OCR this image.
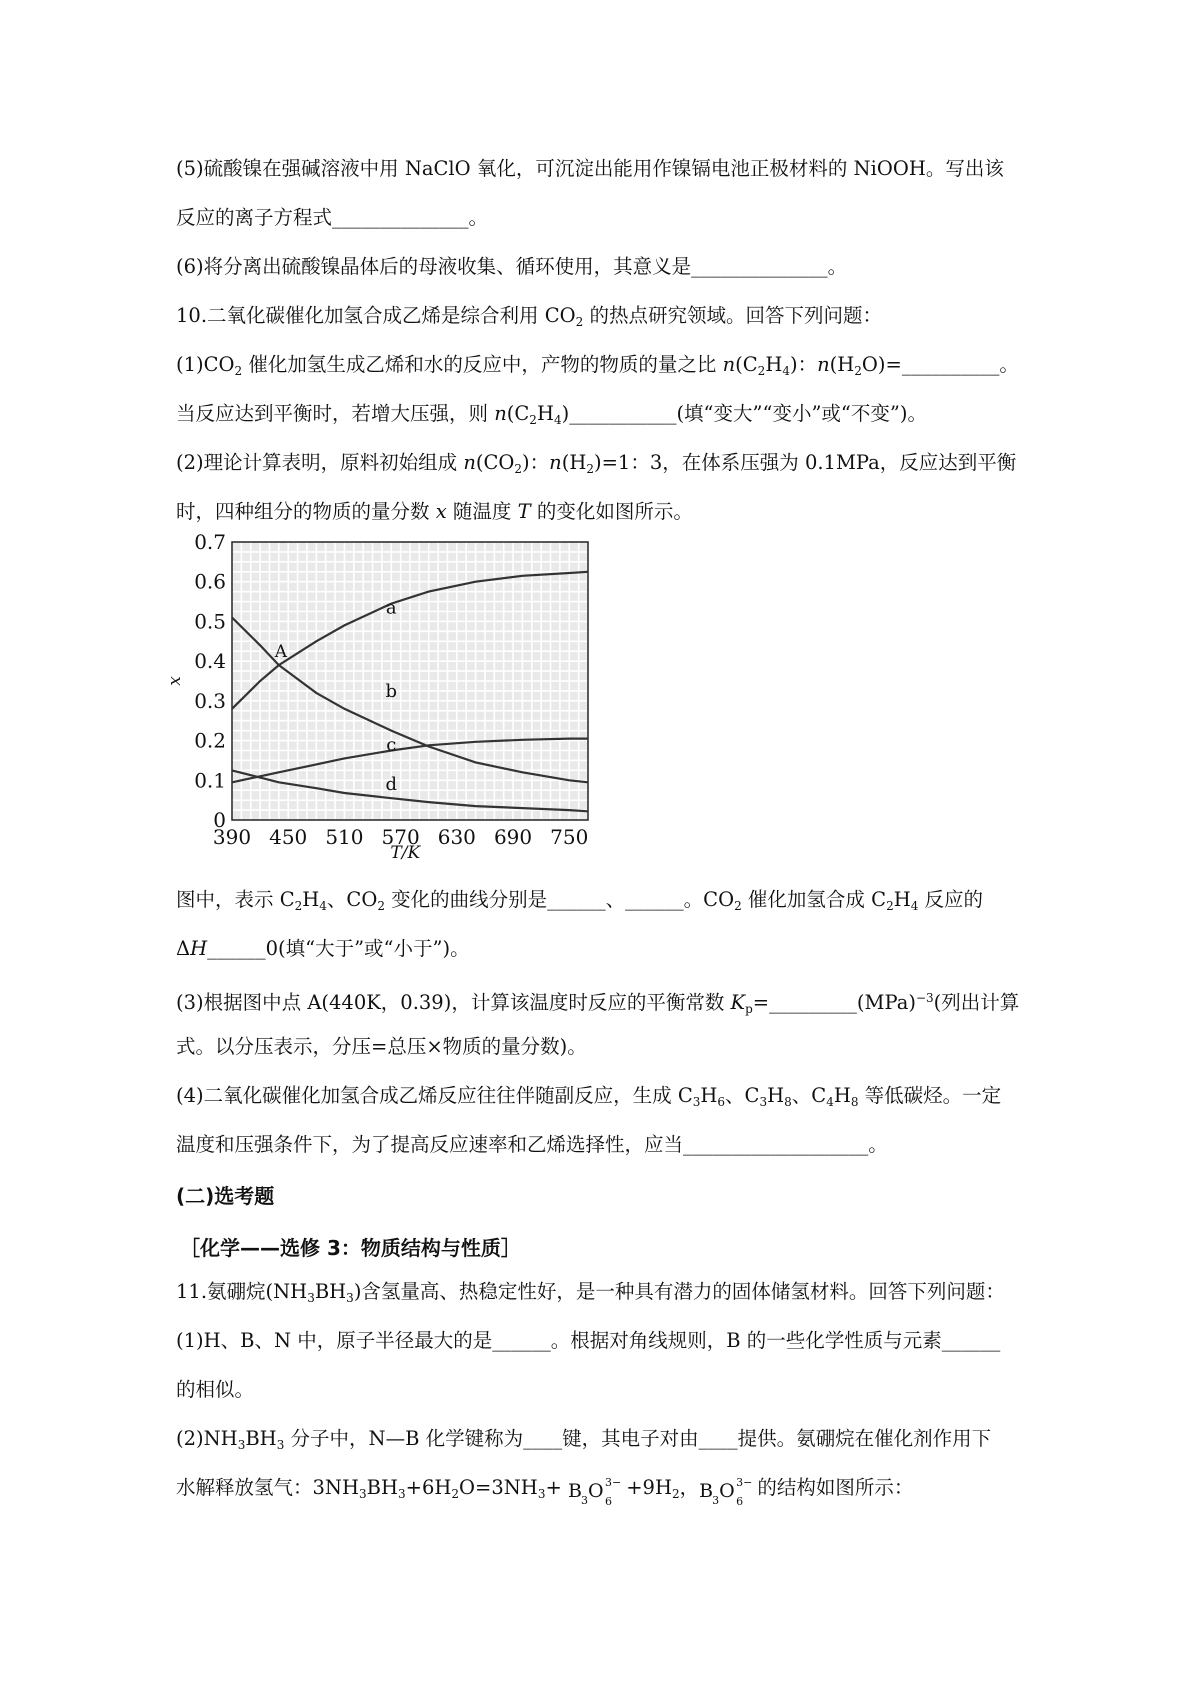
(5)硫酸镍在强碱溶液中用 NaClO 氧化，可沉淀出能用作镍镉电池正极材料的 NiOOH。写出该
反应的离子方程式______________。
(6)将分离出硫酸镍晶体后的母液收集、循环使用，其意义是______________。
10.二氧化碳催化加氢合成乙烯是综合利用 $CO_2$ 的热点研究领域。回答下列问题：
$(1)CO_2$ 催化加氢生成乙烯和水的反应中，产物的物质的量之比 $n(C_2H_4)$：$n(H_2O)=\_\_\_\_\_\_\_\_\_\_$。
当反应达到平衡时，若增大压强，则 $n(C_2H_4)\_\_\_\_\_\_\_\_\_\_\_$(填“变大”“变小”或“不变”)。
(2)理论计算表明，原料初始组成 $n(CO_2)$：$n(H_2)=1$：3，在体系压强为 0.1MPa，反应达到平衡
时，四种组分的物质的量分数 x 随温度 T 的变化如图所示。
0
0.1
0.2
0.3
0.4
0.5
0.6
0.7
390 450 510 570 630 690 750
T/K
x
a
b
c
d
A
图中，表示 $C_2H_4$、$CO_2$ 变化的曲线分别是______、______。$CO_2$ 催化加氢合成 $C_2H_4$ 反应的
ΔH______0(填“大于”或“小于”)。
(3)根据图中点 A(440K，0.39)，计算该温度时反应的平衡常数 $K_p=\_\_\_\_\_\_\_\_\_(MPa)^{-3}$(列出计算
式。以分压表示，分压=总压×物质的量分数)。
(4)二氧化碳催化加氢合成乙烯反应往往伴随副反应，生成 $C_3H_6$、$C_3H_8$、$C_4H_8$ 等低碳烃。一定
温度和压强条件下，为了提高反应速率和乙烯选择性，应当___________________。
(二)选考题
［化学——选修 3：物质结构与性质］
11.氨硼烷$(NH_3BH_3)$含氢量高、热稳定性好，是一种具有潜力的固体储氢材料。回答下列问题：
(1)H、B、N 中，原子半径最大的是______。根据对角线规则，B 的一些化学性质与元素______
的相似。
$(2)NH_3BH_3$ 分子中，N—B 化学键称为____键，其电子对由____提供。氨硼烷在催化剂作用下
水解释放氢气：$3NH_3BH_3+6H_2O=3NH_3+ B$ 3 O 6
3−
$+9H_2$， B 3 O 6
3−
的结构如图所示：
